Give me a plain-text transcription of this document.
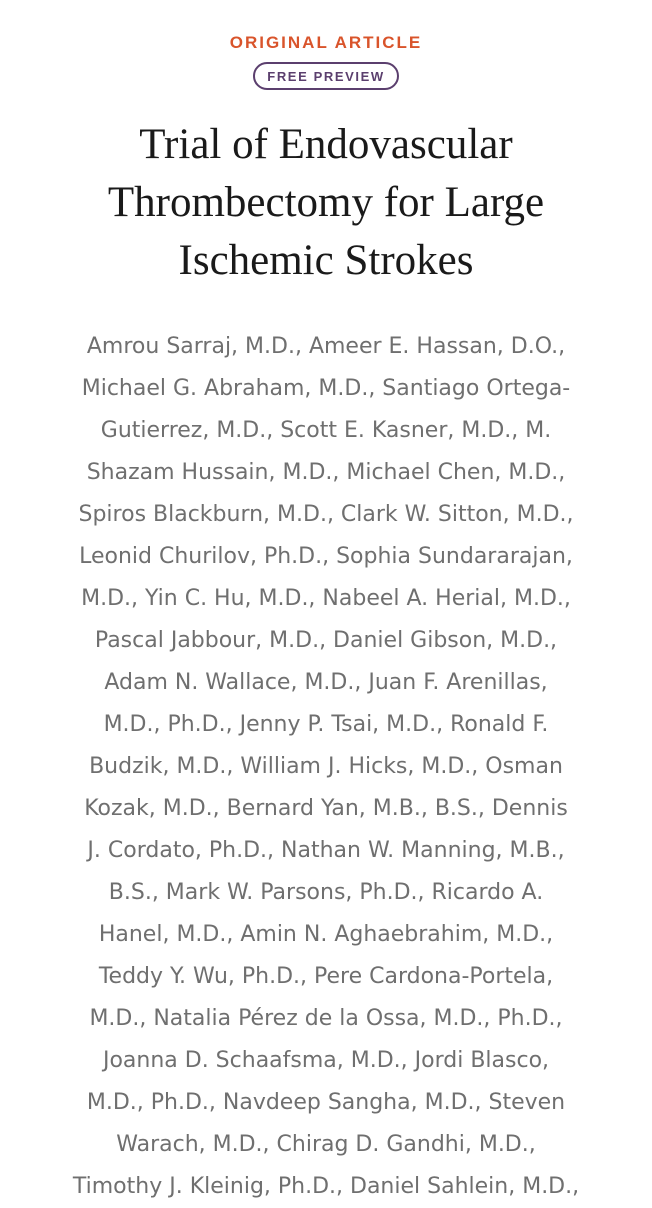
ORIGINAL ARTICLE

FREE PREVIEW
Trial of Endovascular
Thrombectomy for Large
Ischemic Strokes
Amrou Sarraj, M.D., Ameer E. Hassan, D.O.,
Michael G. Abraham, M.D., Santiago Ortega-
Gutierrez, M.D., Scott E. Kasner, M.D., M.
Shazam Hussain, M.D., Michael Chen, M.D.,
Spiros Blackburn, M.D., Clark W. Sitton, M.D.,
Leonid Churilov, Ph.D., Sophia Sundararajan,
M.D., Yin C. Hu, M.D., Nabeel A. Herial, M.D.,
Pascal Jabbour, M.D., Daniel Gibson, M.D.,
Adam N. Wallace, M.D., Juan F. Arenillas,
M.D., Ph.D., Jenny P. Tsai, M.D., Ronald F.
Budzik, M.D., William J. Hicks, M.D., Osman
Kozak, M.D., Bernard Yan, M.B., B.S., Dennis
J. Cordato, Ph.D., Nathan W. Manning, M.B.,
B.S., Mark W. Parsons, Ph.D., Ricardo A.
Hanel, M.D., Amin N. Aghaebrahim, M.D.,
Teddy Y. Wu, Ph.D., Pere Cardona-Portela,
M.D., Natalia Pérez de la Ossa, M.D., Ph.D.,
Joanna D. Schaafsma, M.D., Jordi Blasco,
M.D., Ph.D., Navdeep Sangha, M.D., Steven
Warach, M.D., Chirag D. Gandhi, M.D.,
Timothy J. Kleinig, Ph.D., Daniel Sahlein, M.D.,
